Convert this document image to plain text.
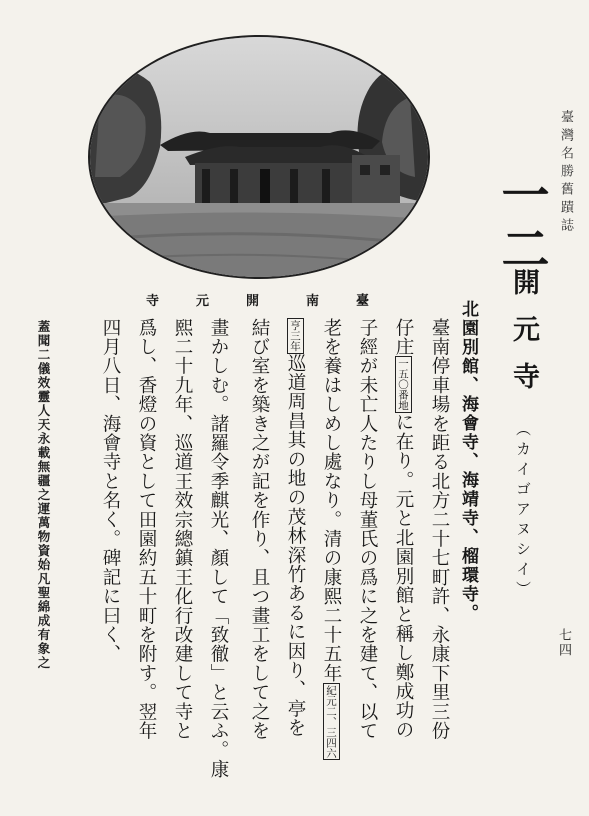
臺灣名勝舊蹟誌
七四
一二
開元寺（カイゴアヌシイ）
北園別館、海會寺、海靖寺、榴環寺。
臺南停車場を距る北方二十七町許、永康下里三份
仔庄一五〇番地に在り。元と北園別館と稱し鄭成功の
子經が未亡人たりし母董氏の爲に之を建て、以て
老を養はしめし處なり。清の康熙二十五年紀元二、三四六
亨三年巡道周昌其の地の茂林深竹あるに因り、亭を
結び室を築き之が記を作り、且つ畫工をして之を
畫かしむ。諸羅令季麒光、顏して「致徹」と云ふ。康
熙二十九年、巡道王效宗總鎮王化行改建して寺と
爲し、香燈の資として田園約五十町を附す。翌年
四月八日、海會寺と名く。碑記に曰く、
臺
南
開
元
寺
蓋聞二儀效靈人天永載無疆之運萬物資始凡聖綿成有象之
